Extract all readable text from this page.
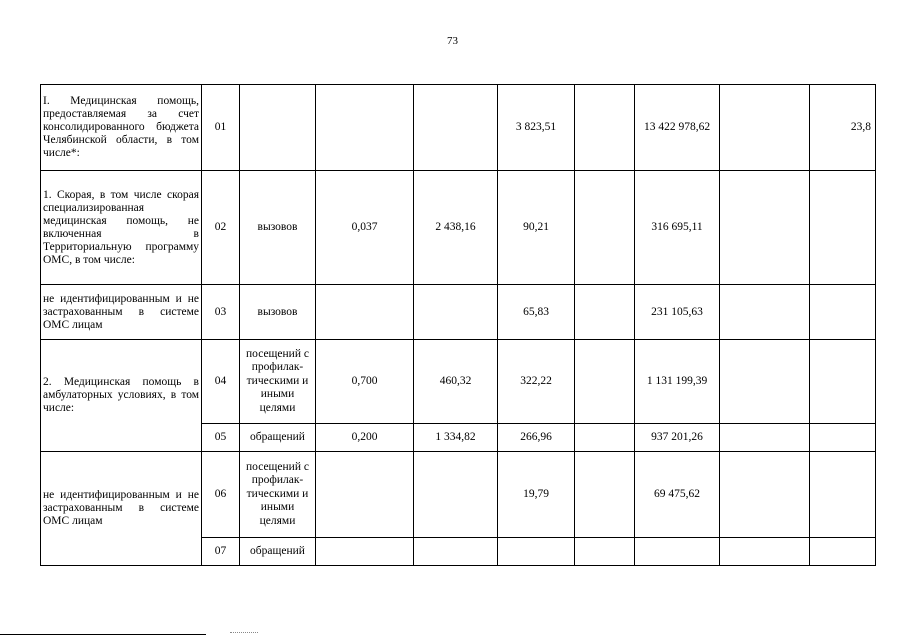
73
I. Медицинская помощь, предоставляемая за счет консолидированного бюджета Челябинской области, в том числе*:	01				3 823,51		13 422 978,62		23,8
1. Скорая, в том числе скорая специализированная медицинская помощь, не включенная в Территориальную программу ОМС, в том числе:	02	вызовов	0,037	2 438,16	90,21		316 695,11		
не идентифицированным и не застрахованным в системе ОМС лицам	03	вызовов			65,83		231 105,63		
2. Медицинская помощь в амбулаторных условиях, в том числе:	04	посещений с профилак-тическими и иными целями	0,700	460,32	322,22		1 131 199,39		
	05	обращений	0,200	1 334,82	266,96		937 201,26		
не идентифицированным и не застрахованным в системе ОМС лицам	06	посещений с профилак-тическими и иными целями			19,79		69 475,62		
	07	обращений							
